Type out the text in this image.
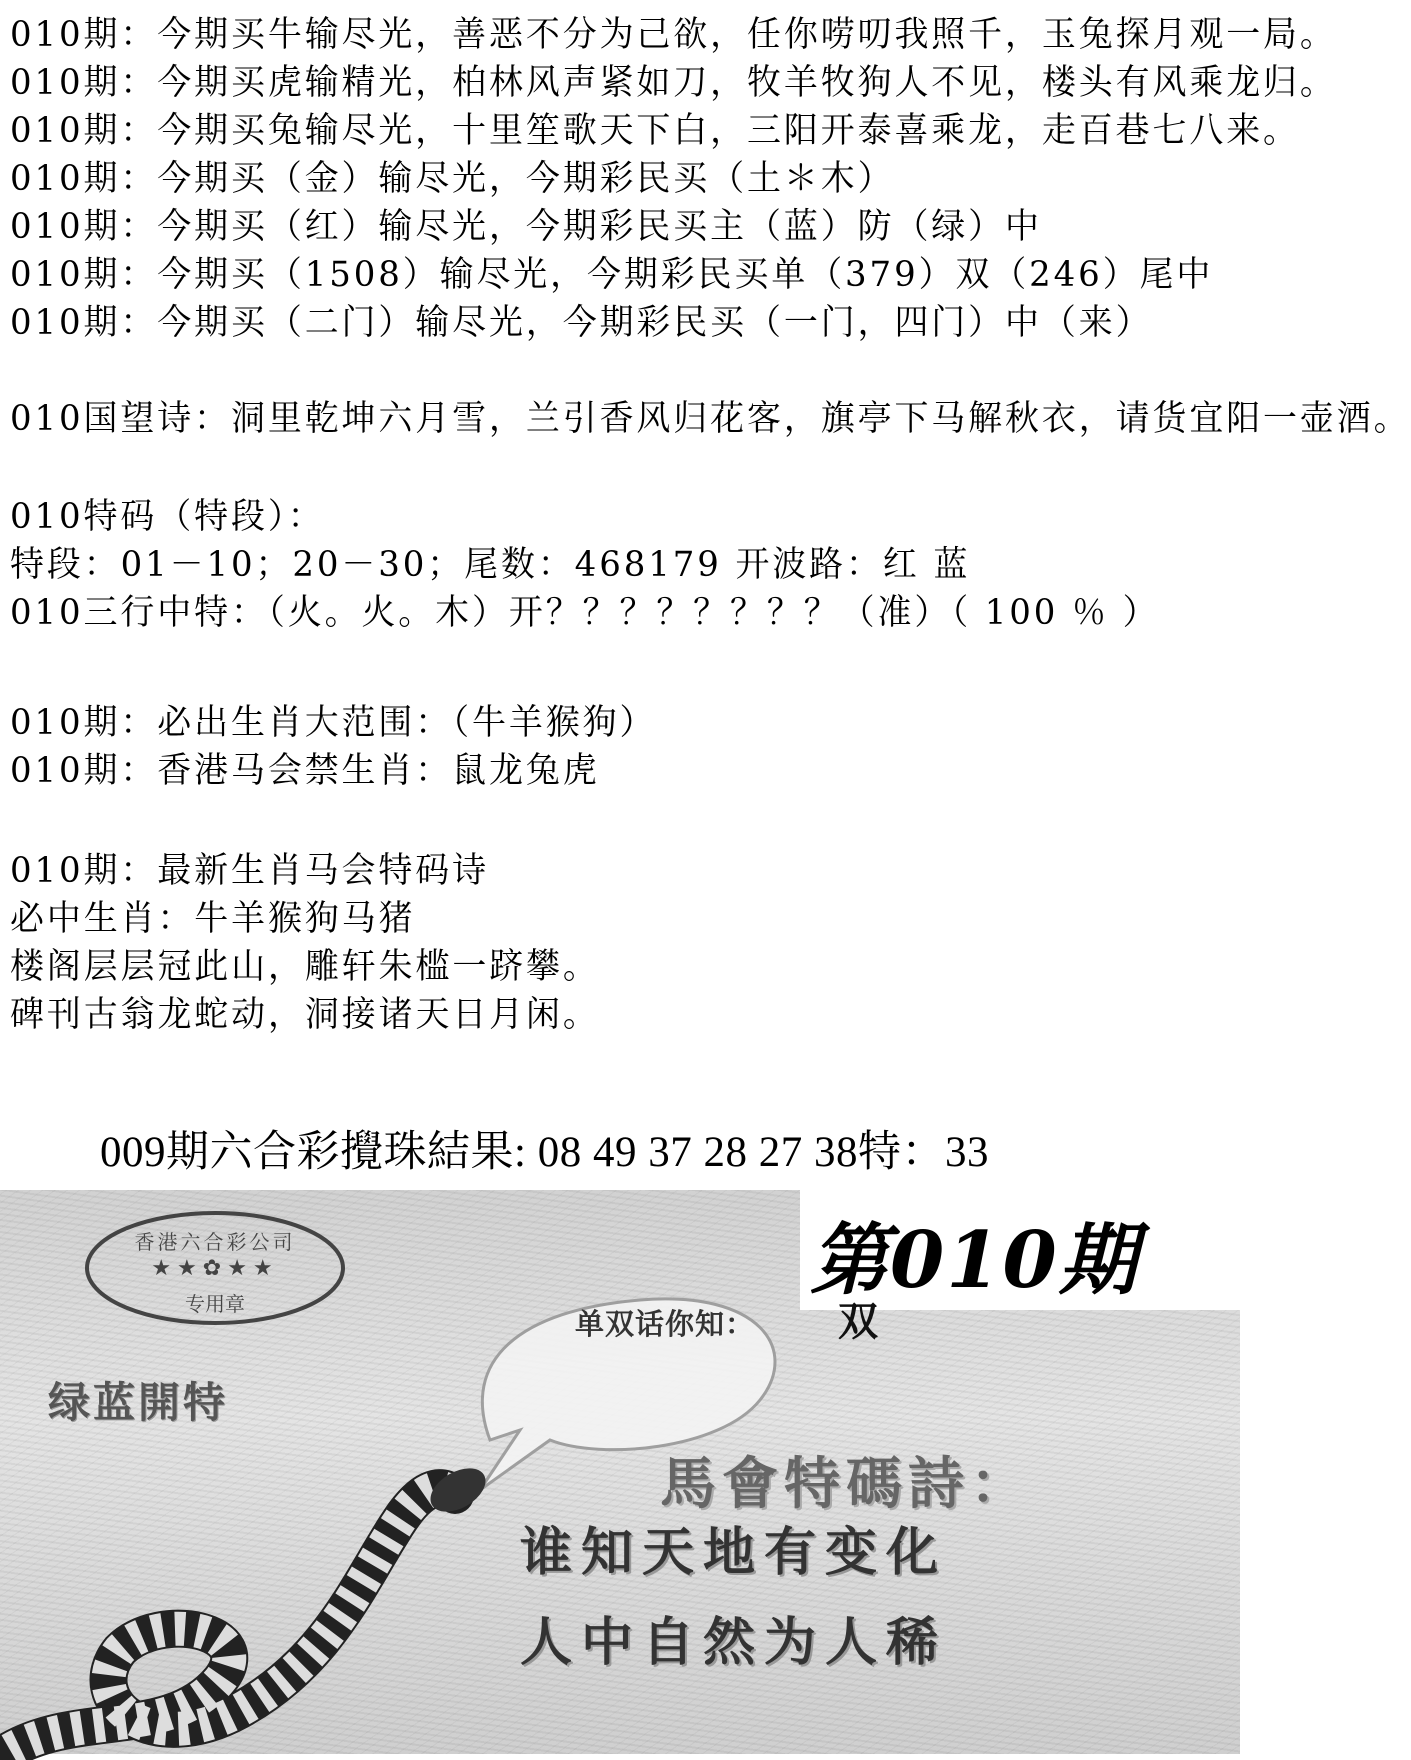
010期：今期买牛输尽光，善恶不分为己欲，任你唠叨我照千，玉兔探月观一局。
010期：今期买虎输精光，柏林风声紧如刀，牧羊牧狗人不见，楼头有风乘龙归。
010期：今期买兔输尽光，十里笙歌天下白，三阳开泰喜乘龙，走百巷七八来。
010期：今期买（金）输尽光，今期彩民买（土＊木）
010期：今期买（红）输尽光，今期彩民买主（蓝）防（绿）中
010期：今期买（1508）输尽光，今期彩民买单（379）双（246）尾中
010期：今期买（二门）输尽光，今期彩民买（一门，四门）中（来）
010国望诗：洞里乾坤六月雪，兰引香风归花客，旗亭下马解秋衣，请货宜阳一壶酒。
010特码（特段）：
特段：01－10；20－30；尾数：468179 开波路：红 蓝
010三行中特：（火。火。木）开？？？？？？？？（准）（ 100 ％ ）
010期：必出生肖大范围：（牛羊猴狗）
010期：香港马会禁生肖：鼠龙兔虎
010期：最新生肖马会特码诗
必中生肖：牛羊猴狗马猪
楼阁层层冠此山，雕轩朱槛一跻攀。
碑刊古翁龙蛇动，洞接诸天日月闲。
009期六合彩攪珠結果: 08 49 37 28 27 38特：33
香港六合彩公司
★★✿★★
专用章	第010期
单双话你知： 双
绿蓝開特
馬會特碼詩：
谁知天地有变化
人中自然为人稀
